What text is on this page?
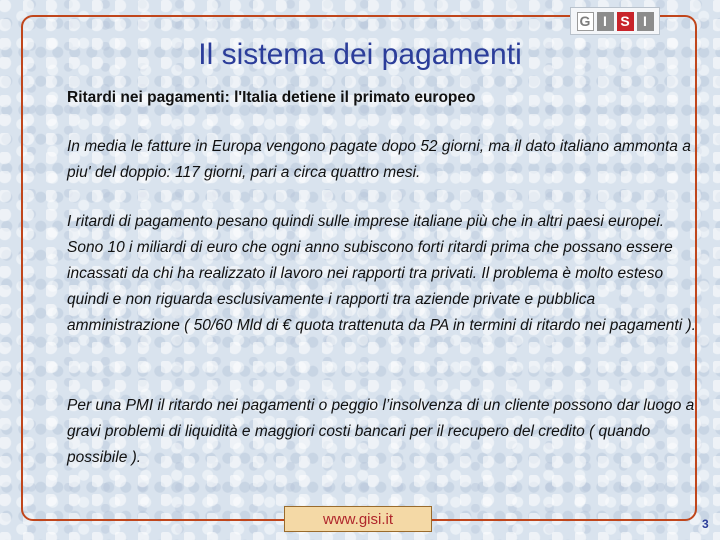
G I S I
Il sistema dei pagamenti
Ritardi nei pagamenti: l'Italia detiene il primato europeo

In media le fatture in Europa vengono pagate dopo 52 giorni, ma il dato italiano ammonta a piu' del doppio: 117 giorni, pari a circa quattro mesi.

I ritardi di pagamento pesano quindi sulle imprese italiane più che in altri paesi europei. Sono 10 i miliardi di euro che ogni anno subiscono forti ritardi prima che possano essere incassati da chi ha realizzato il lavoro nei rapporti tra privati. Il problema è molto esteso quindi e non riguarda esclusivamente i rapporti tra aziende private e pubblica amministrazione ( 50/60 Mld di € quota trattenuta da PA in termini di ritardo nei pagamenti ).

Per una PMI il ritardo nei pagamenti o peggio l’insolvenza di un cliente possono dar luogo a gravi problemi di liquidità e maggiori costi bancari per il recupero del credito ( quando possibile ).

www.gisi.it	3
